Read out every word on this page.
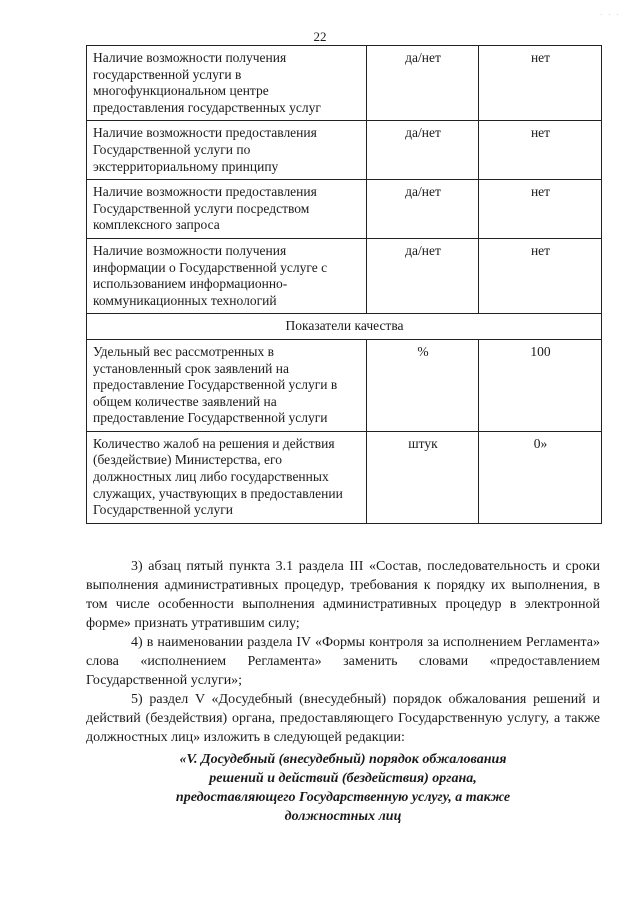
22
· · ·
Наличие возможности получения государственной услуги в многофункциональном центре предоставления государственных услуг	да/нет	нет
Наличие возможности предоставления Государственной услуги по экстерриториальному принципу	да/нет	нет
Наличие возможности предоставления Государственной услуги посредством комплексного запроса	да/нет	нет
Наличие возможности получения информации о Государственной услуге с использованием информационно-коммуникационных технологий	да/нет	нет
Показатели качества		
Удельный вес рассмотренных в установленный срок заявлений на предоставление Государственной услуги в общем количестве заявлений на предоставление Государственной услуги	%	100
Количество жалоб на решения и действия (бездействие) Министерства, его должностных лиц либо государственных служащих, участвующих в предоставлении Государственной услуги	штук	0»

3) абзац пятый пункта 3.1 раздела III «Состав, последовательность и сроки выполнения административных процедур, требования к порядку их выполнения, в том числе особенности выполнения административных процедур в электронной форме» признать утратившим силу;

4) в наименовании раздела IV «Формы контроля за исполнением Регламента» слова «исполнением Регламента» заменить словами «предоставлением Государственной услуги»;

5) раздел V «Досудебный (внесудебный) порядок обжалования решений и действий (бездействия) органа, предоставляющего Государственную услугу, а также должностных лиц» изложить в следующей редакции:

«V. Досудебный (внесудебный) порядок обжалования
решений и действий (бездействия) органа,
предоставляющего Государственную услугу, а также
должностных лиц
